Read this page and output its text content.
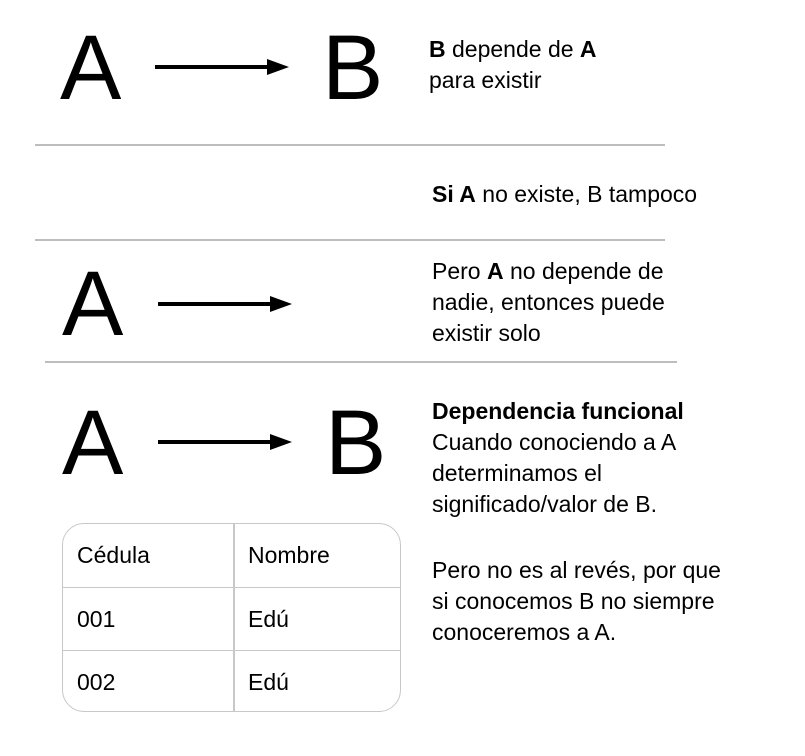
A B B depende de A
para existir
Si A no existe, B tampoco
A	Pero A no depende de
nadie, entonces puede
existir solo
A B Dependencia funcional
Cuando conociendo a A
determinamos el
significado/valor de B.
Pero no es al revés, por que
si conocemos B no siempre
conoceremos a A.
Cédula	Nombre
001	Edú
002	Edú
